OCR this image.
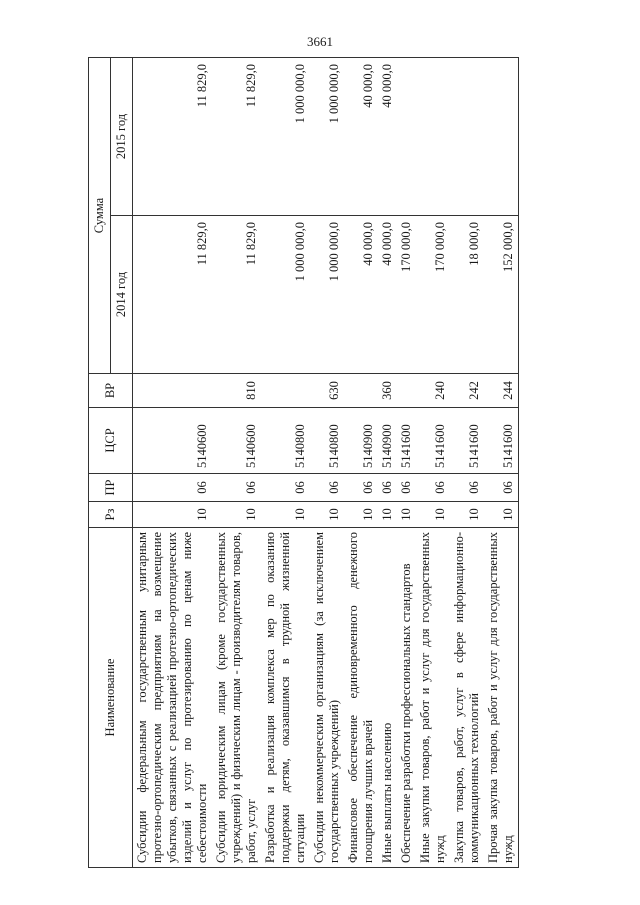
3661
Наименование	Рз	ПР	ЦСР	ВР	Сумма	
					2014 год	2015 год
Субсидии федеральным государственным унитарным протезно-ортопедическим предприятиям на возмещение убытков, связанных с реализацией протезно-ортопедических изделий и услуг по протезированию по ценам ниже себестоимости	10	06	5140600		11 829,0	11 829,0
Субсидии юридическим лицам (кроме государственных учреждений) и физическим лицам - производителям товаров, работ, услуг	10	06	5140600	810	11 829,0	11 829,0
Разработка и реализация комплекса мер по оказанию поддержки детям, оказавшимся в трудной жизненной ситуации	10	06	5140800		1 000 000,0	1 000 000,0
Субсидии некоммерческим организациям (за исключением государственных учреждений)	10	06	5140800	630	1 000 000,0	1 000 000,0
Финансовое обеспечение единовременного денежного поощрения лучших врачей	10	06	5140900		40 000,0	40 000,0
Иные выплаты населению	10	06	5140900	360	40 000,0	40 000,0
Обеспечение разработки профессиональных стандартов	10	06	5141600		170 000,0	
Иные закупки товаров, работ и услуг для государственных нужд	10	06	5141600	240	170 000,0	
Закупка товаров, работ, услуг в сфере информационно-коммуникационных технологий	10	06	5141600	242	18 000,0	
Прочая закупка товаров, работ и услуг для государственных нужд	10	06	5141600	244	152 000,0	
